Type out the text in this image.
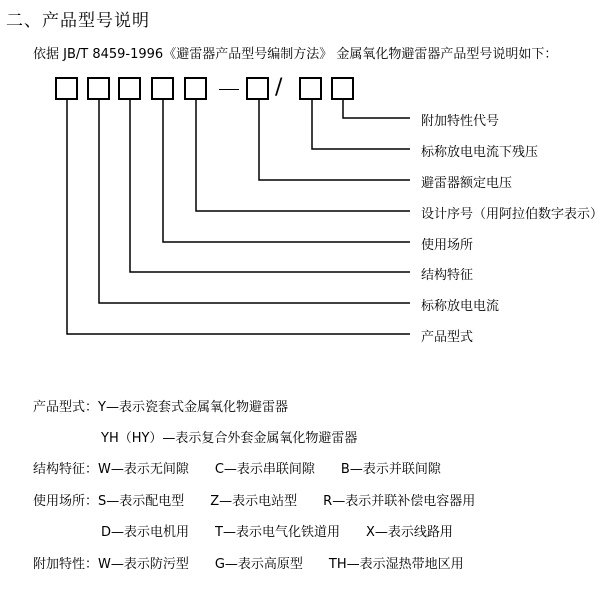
二、产品型号说明
依据 JB/T 8459-1996《避雷器产品型号编制方法》 金属氧化物避雷器产品型号说明如下：
/
附加特性代号
标称放电电流下残压
避雷器额定电压
设计序号（用阿拉伯数字表示）
使用场所
结构特征
标称放电电流
产品型式
产品型式：Y—表示瓷套式金属氧化物避雷器
YH（HY）—表示复合外套金属氧化物避雷器
结构特征：W—表示无间隙　　C—表示串联间隙　　B—表示并联间隙
使用场所：S—表示配电型　　Z—表示电站型　　R—表示并联补偿电容器用
D—表示电机用　　T—表示电气化铁道用　　X—表示线路用
附加特性：W—表示防污型　　G—表示高原型　　TH—表示湿热带地区用
